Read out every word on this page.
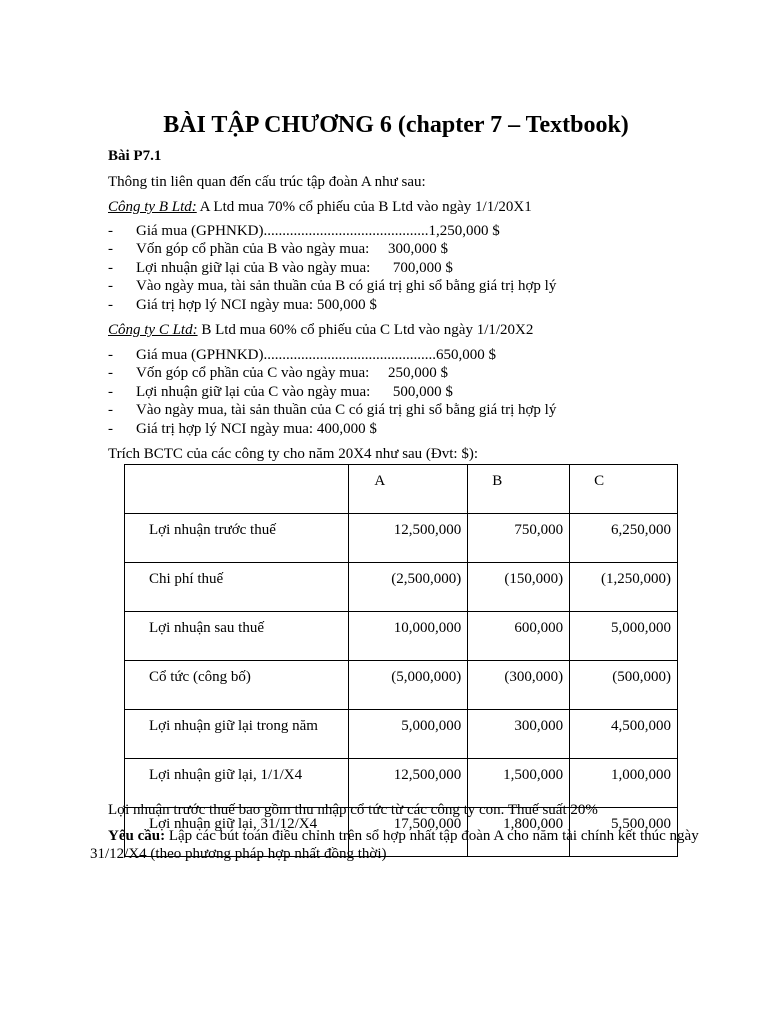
BÀI TẬP CHƯƠNG 6 (chapter 7 – Textbook)
Bài P7.1
Thông tin liên quan đến cấu trúc tập đoàn A như sau:
Công ty B Ltd: A Ltd mua 70% cổ phiếu của B Ltd vào ngày 1/1/20X1
- Giá mua (GPHNKD)............................................1,250,000 $
- Vốn góp cổ phần của B vào ngày mua:     300,000 $
- Lợi nhuận giữ lại của B vào ngày mua:      700,000 $
- Vào ngày mua, tài sản thuần của B có giá trị ghi sổ bằng giá trị hợp lý
- Giá trị hợp lý NCI ngày mua: 500,000 $
Công ty C Ltd: B Ltd mua 60% cổ phiếu của C Ltd vào ngày 1/1/20X2
- Giá mua (GPHNKD)..............................................650,000 $
- Vốn góp cổ phần của C vào ngày mua:     250,000 $
- Lợi nhuận giữ lại của C vào ngày mua:      500,000 $
- Vào ngày mua, tài sản thuần của C có giá trị ghi sổ bằng giá trị hợp lý
- Giá trị hợp lý NCI ngày mua: 400,000 $
Trích BCTC của các công ty cho năm 20X4 như sau (Đvt: $):
	A	B	C
Lợi nhuận trước thuế	12,500,000	750,000	6,250,000
Chi phí thuế	(2,500,000)	(150,000)	(1,250,000)
Lợi nhuận sau thuế	10,000,000	600,000	5,000,000
Cổ tức (công bố)	(5,000,000)	(300,000)	(500,000)
Lợi nhuận giữ lại trong năm	5,000,000	300,000	4,500,000
Lợi nhuận giữ lại, 1/1/X4	12,500,000	1,500,000	1,000,000
Lợi nhuận giữ lại, 31/12/X4	17,500,000	1,800,000	5,500,000
Lợi nhuận trước thuế bao gồm thu nhập cổ tức từ các công ty con. Thuế suất 20%
Yêu cầu: Lập các bút toán điều chỉnh trên sổ hợp nhất tập đoàn A cho năm tài chính kết thúc ngày
31/12/X4 (theo phương pháp hợp nhất đồng thời)
